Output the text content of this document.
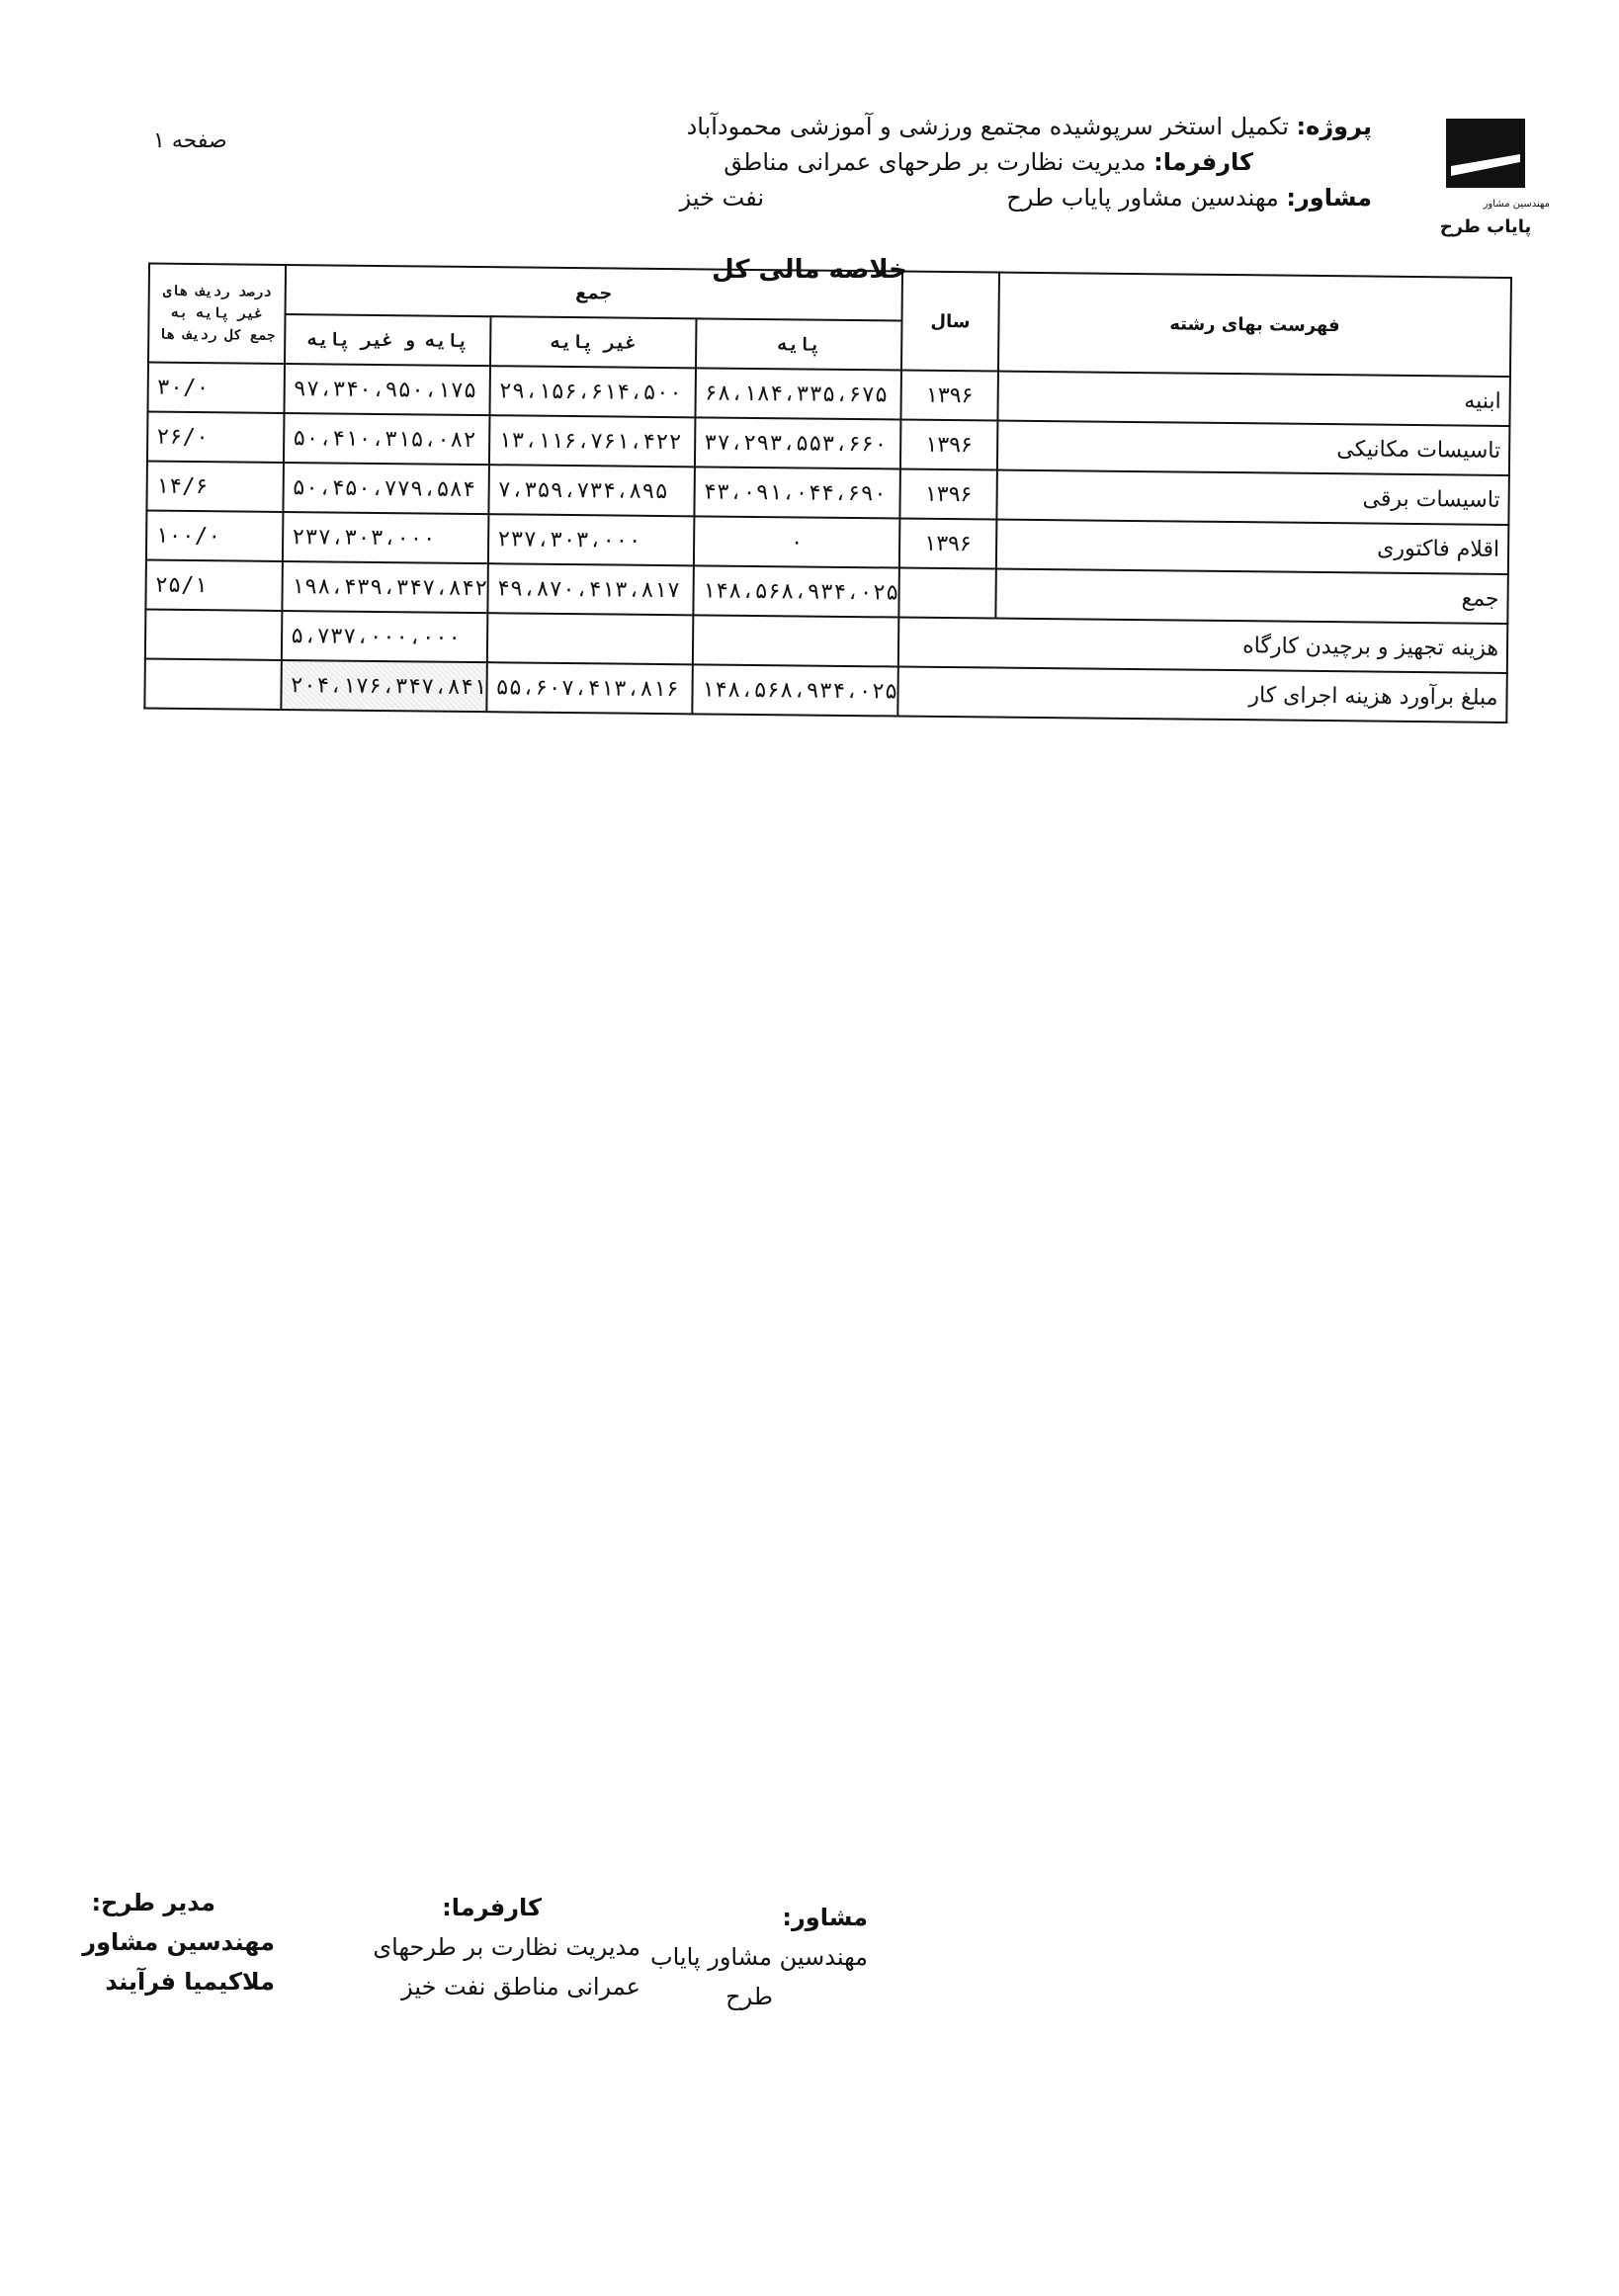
صفحه ۱
پروژه: تکمیل استخر سرپوشیده مجتمع ورزشی و آموزشی محمودآباد
کارفرما: مدیریت نظارت بر طرحهای عمرانی مناطق
مشاور: مهندسین مشاور پایاب طرح  نفت خیز	مهندسین مشاور
پایاب طرح
خلاصه مالی کل
فهرست بهای رشته	سال	جمع			درصد ردیف های غیر پایه به جمع کل ردیف ها
		پایه	غیر پایه	پایه و غیر پایه	
ابنیه	۱۳۹۶	۶۸،۱۸۴،۳۳۵،۶۷۵	۲۹،۱۵۶،۶۱۴،۵۰۰	۹۷،۳۴۰،۹۵۰،۱۷۵	۳۰/۰
تاسیسات مکانیکی	۱۳۹۶	۳۷،۲۹۳،۵۵۳،۶۶۰	۱۳،۱۱۶،۷۶۱،۴۲۲	۵۰،۴۱۰،۳۱۵،۰۸۲	۲۶/۰
تاسیسات برقی	۱۳۹۶	۴۳،۰۹۱،۰۴۴،۶۹۰	۷،۳۵۹،۷۳۴،۸۹۵	۵۰،۴۵۰،۷۷۹،۵۸۴	۱۴/۶
اقلام فاکتوری	۱۳۹۶	۰	۲۳۷،۳۰۳،۰۰۰	۲۳۷،۳۰۳،۰۰۰	۱۰۰/۰
جمع		۱۴۸،۵۶۸،۹۳۴،۰۲۵	۴۹،۸۷۰،۴۱۳،۸۱۷	۱۹۸،۴۳۹،۳۴۷،۸۴۲	۲۵/۱
هزینه تجهیز و برچیدن کارگاه				۵،۷۳۷،۰۰۰،۰۰۰	
مبلغ برآورد هزینه اجرای کار		۱۴۸،۵۶۸،۹۳۴،۰۲۵	۵۵،۶۰۷،۴۱۳،۸۱۶	۲۰۴،۱۷۶،۳۴۷،۸۴۱	
مشاور:
مهندسین مشاور پایاب
طرح
کارفرما:
مدیریت نظارت بر طرحهای
عمرانی مناطق نفت خیز
مدیر طرح:
مهندسین مشاور ملاکیمیا فرآیند
